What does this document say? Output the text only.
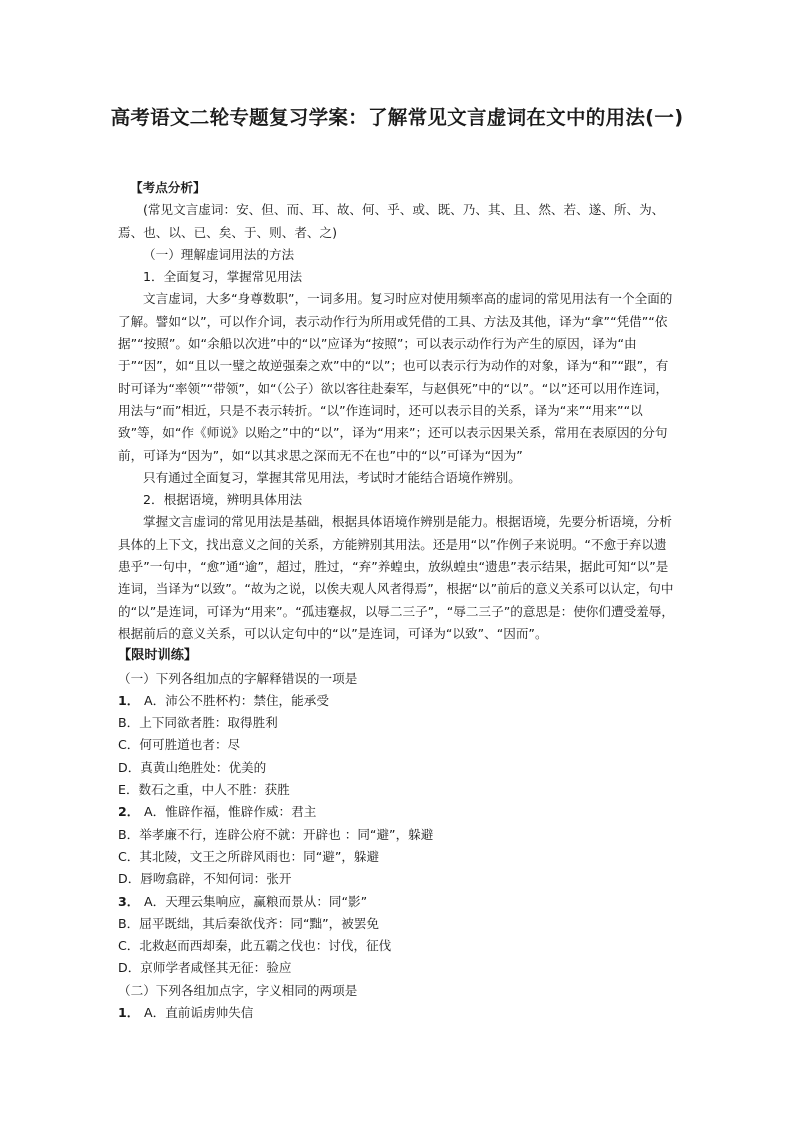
高考语文二轮专题复习学案：了解常见文言虚词在文中的用法(一)

【考点分析】

(常见文言虚词：安、但、而、耳、故、何、乎、或、既、乃、其、且、然、若、遂、所、为、焉、也、以、已、矣、于、则、者、之)

（一）理解虚词用法的方法

1．全面复习，掌握常见用法

文言虚词，大多“身尊数职”，一词多用。复习时应对使用频率高的虚词的常见用法有一个全面的了解。譬如“以”，可以作介词，表示动作行为所用或凭借的工具、方法及其他，译为“拿”“凭借”“依据”“按照”。如“余船以次进”中的“以”应译为“按照”；可以表示动作行为产生的原因，译为“由于”“因”，如“且以一璧之故逆强秦之欢”中的“以”；也可以表示行为动作的对象，译为“和”“跟”，有时可译为“率领”“带领”，如“（公子）欲以客往赴秦军，与赵俱死”中的“以”。“以”还可以用作连词，用法与“而”相近，只是不表示转折。“以”作连词时，还可以表示目的关系，译为“来”“用来”“以致”等，如“作《师说》以贻之”中的“以”，译为“用来”；还可以表示因果关系，常用在表原因的分句前，可译为“因为”，如“以其求思之深而无不在也”中的“以”可译为“因为”

只有通过全面复习，掌握其常见用法，考试时才能结合语境作辨别。

2．根据语境，辨明具体用法

掌握文言虚词的常见用法是基础，根据具体语境作辨别是能力。根据语境，先要分析语境，分析具体的上下文，找出意义之间的关系，方能辨别其用法。还是用“以”作例子来说明。“不愈于弃以遗患乎”一句中，“愈”通“逾”，超过，胜过，“弃”养蝗虫，放纵蝗虫“遗患”表示结果，据此可知“以”是连词，当译为“以致”。“故为之说，以俟夫观人风者得焉”，根据“以”前后的意义关系可以认定，句中的“以”是连词，可译为“用来”。“孤违蹇叔，以辱二三子”，“辱二三子”的意思是：使你们遭受羞辱，根据前后的意义关系，可以认定句中的“以”是连词，可译为“以致”、“因而”。

【限时训练】

（一）下列各组加点的字解释错误的一项是

1． A．沛公不胜杯杓：禁住，能承受

B．上下同欲者胜：取得胜利

C．何可胜道也者：尽

D．真黄山绝胜处：优美的

E．数石之重，中人不胜：获胜

2． A．惟辟作福，惟辟作威：君主

B．举孝廉不行，连辟公府不就：开辟也 ：同“避”，躲避

C．其北陵，文王之所辟风雨也：同“避”，躲避

D．唇吻翕辟，不知何词：张开

3． A．天理云集响应，赢粮而景从：同“影”

B．屈平既绌，其后秦欲伐齐：同“黜”，被罢免

C．北救赵而西却秦，此五霸之伐也：讨伐，征伐

D．京师学者咸怪其无征：验应

（二）下列各组加点字，字义相同的两项是

1． A．直前诟虏帅失信
